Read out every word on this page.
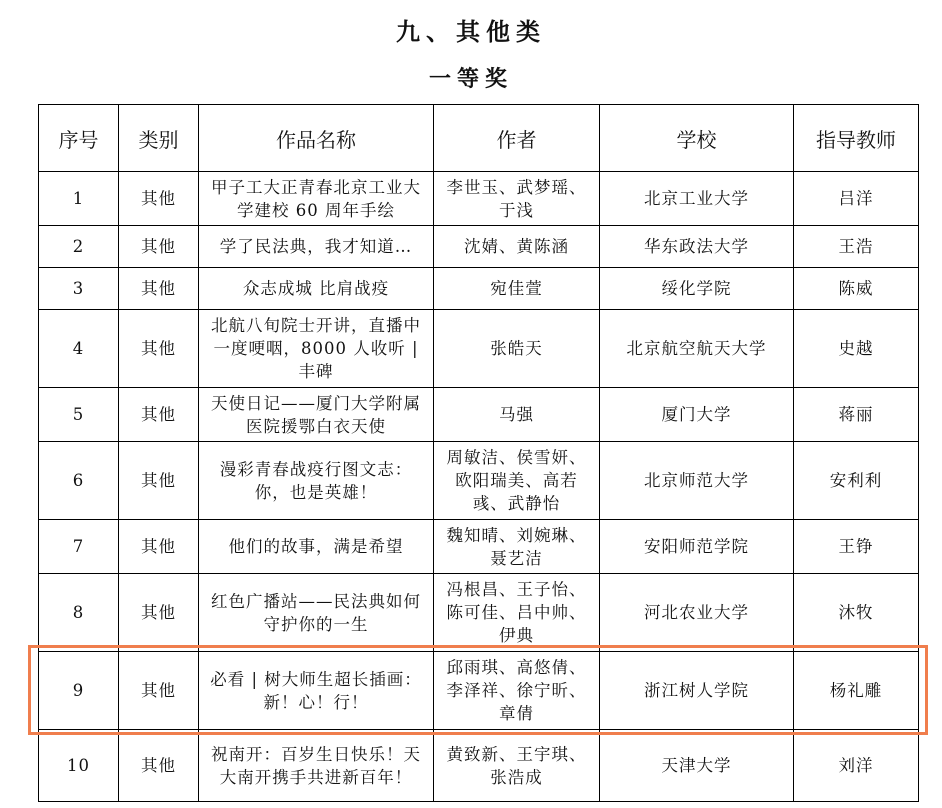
九、其他类
一等奖
序号	类别	作品名称	作者	学校	指导教师
1	其他	甲子工大正青春北京工业大学建校 60 周年手绘	李世玉、武梦瑶、于浅	北京工业大学	吕洋
2	其他	学了民法典，我才知道…	沈婧、黄陈涵	华东政法大学	王浩
3	其他	众志成城 比肩战疫	宛佳萱	绥化学院	陈威
4	其他	北航八旬院士开讲，直播中一度哽咽，8000 人收听 | 丰碑	张皓天	北京航空航天大学	史越
5	其他	天使日记——厦门大学附属医院援鄂白衣天使	马强	厦门大学	蒋丽
6	其他	漫彩青春战疫行图文志：你，也是英雄！	周敏洁、侯雪妍、欧阳瑞美、高若彧、武静怡	北京师范大学	安利利
7	其他	他们的故事，满是希望	魏知晴、刘婉琳、聂艺洁	安阳师范学院	王铮
8	其他	红色广播站——民法典如何守护你的一生	冯根昌、王子怡、陈可佳、吕中帅、伊典	河北农业大学	沐牧
9	其他	必看 | 树大师生超长插画：新！心！行！	邱雨琪、高悠倩、李泽祥、徐宁昕、章倩	浙江树人学院	杨礼雕
10	其他	祝南开：百岁生日快乐！天大南开携手共进新百年！	黄致新、王宇琪、张浩成	天津大学	刘洋
